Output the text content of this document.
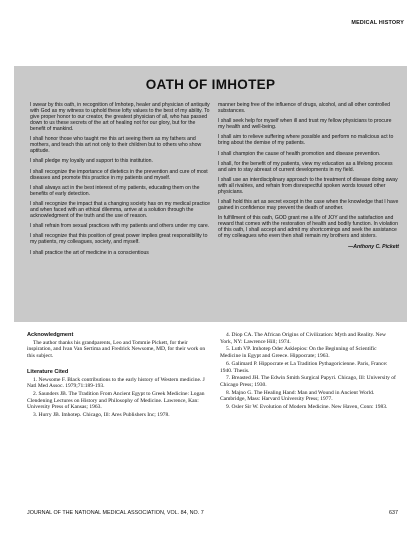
MEDICAL HISTORY
OATH OF IMHOTEP

I swear by this oath, in recognition of Imhotep, healer and physician of antiquity with God as my witness to uphold these lofty values to the best of my ability. To give proper honor to our creator, the greatest physician of all, who has passed down to us these secrets of the art of healing not for our glory, but for the benefit of mankind.

I shall honor those who taught me this art seeing them as my fathers and mothers, and teach this art not only to their children but to others who show aptitude.

I shall pledge my loyalty and support to this institution.

I shall recognize the importance of dietetics in the prevention and cure of most diseases and promote this practice in my patients and myself.

I shall always act in the best interest of my patients, educating them on the benefits of early detection.

I shall recognize the impact that a changing society has on my medical practice and when faced with an ethical dilemma, arrive at a solution through the acknowledgment of the truth and the use of reason.

I shall refrain from sexual practices with my patients and others under my care.

I shall recognize that this position of great power implies great responsibility to my patients, my colleagues, society, and myself.

I shall practice the art of medicine in a conscientious

manner being free of the influence of drugs, alcohol, and all other controlled substances.

I shall seek help for myself when ill and trust my fellow physicians to procure my health and well-being.

I shall aim to relieve suffering where possible and perform no malicious act to bring about the demise of my patients.

I shall champion the cause of health promotion and disease prevention.

I shall, for the benefit of my patients, view my education as a lifelong process and aim to stay abreast of current developments in my field.

I shall use an interdisciplinary approach to the treatment of disease doing away with all rivalries, and refrain from disrespectful spoken words toward other physicians.

I shall hold this art as secret except in the case when the knowledge that I have gained in confidence may prevent the death of another.

In fulfillment of this oath, GOD grant me a life of JOY and the satisfaction and reward that comes with the restoration of health and bodily function. In violation of this oath, I shall accept and admit my shortcomings and seek the assistance of my colleagues who even then shall remain my brothers and sisters.

—Anthony C. Pickett

Acknowledgment

The author thanks his grandparents, Leo and Tommie Pickett, for their inspiration, and Ivan Van Sertima and Fredrick Newsome, MD, for their work on this subject.

Literature Cited

1. Newsome F. Black contributions to the early history of Western medicine. J Natl Med Assoc. 1979;71:189-193.

2. Saunders JB. The Tradition From Ancient Egypt to Greek Medicine: Logan Clendening Lectures on History and Philosophy of Medicine. Lawrence, Kan: University Press of Kansas; 1963.

3. Hurry JB. Imhotep. Chicago, Ill: Ares Publishers Inc; 1978.

4. Diop CA. The African Origins of Civilization: Myth and Reality. New York, NY: Lawrence Hill; 1974.

5. Luth VP. Imhotep Oder Asklepios: On the Beginning of Scientific Medicine in Egypt and Greece. Hippocrate; 1963.

6. Galimard P. Hippocrate et La Tradition Pythagoricienne. Paris, France: 1940. Thesis.

7. Breasted JH. The Edwin Smith Surgical Papyri. Chicago, Ill: University of Chicago Press; 1930.

8. Majno G. The Healing Hand: Man and Wound in Ancient World. Cambridge, Mass: Harvard University Press; 1977.

9. Osler Sir W. Evolution of Modern Medicine. New Haven, Conn: 1983.

JOURNAL OF THE NATIONAL MEDICAL ASSOCIATION, VOL. 84, NO. 7	637
